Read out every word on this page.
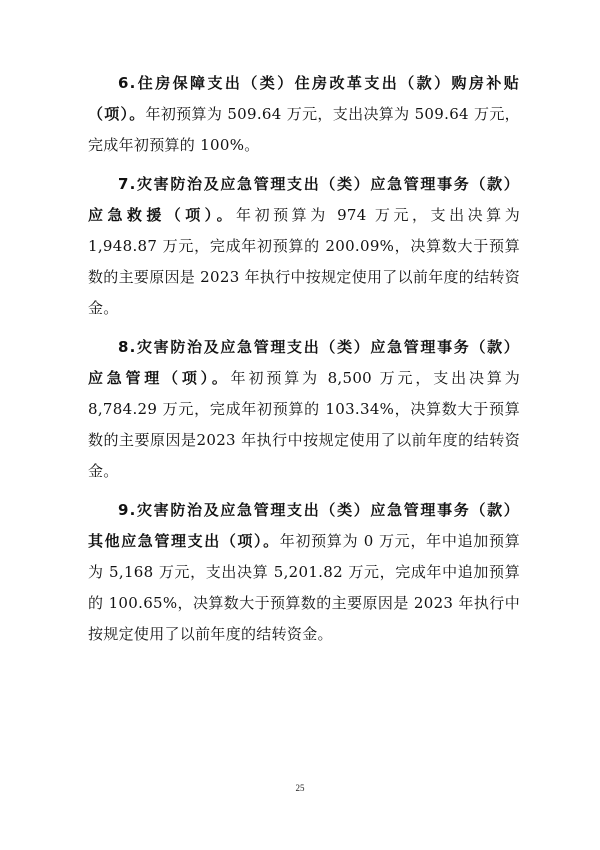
6.住房保障支出（类）住房改革支出（款）购房补贴（项）。年初预算为 509.64 万元，支出决算为 509.64 万元，完成年初预算的 100%。

7.灾害防治及应急管理支出（类）应急管理事务（款）应急救援（项）。年初预算为 974 万元，支出决算为 1,948.87 万元，完成年初预算的 200.09%，决算数大于预算数的主要原因是 2023 年执行中按规定使用了以前年度的结转资金。

8.灾害防治及应急管理支出（类）应急管理事务（款）应急管理（项）。年初预算为 8,500 万元，支出决算为 8,784.29 万元，完成年初预算的 103.34%，决算数大于预算数的主要原因是2023 年执行中按规定使用了以前年度的结转资金。

9.灾害防治及应急管理支出（类）应急管理事务（款）其他应急管理支出（项）。年初预算为 0 万元，年中追加预算为 5,168 万元，支出决算 5,201.82 万元，完成年中追加预算的 100.65%，决算数大于预算数的主要原因是 2023 年执行中按规定使用了以前年度的结转资金。

25
